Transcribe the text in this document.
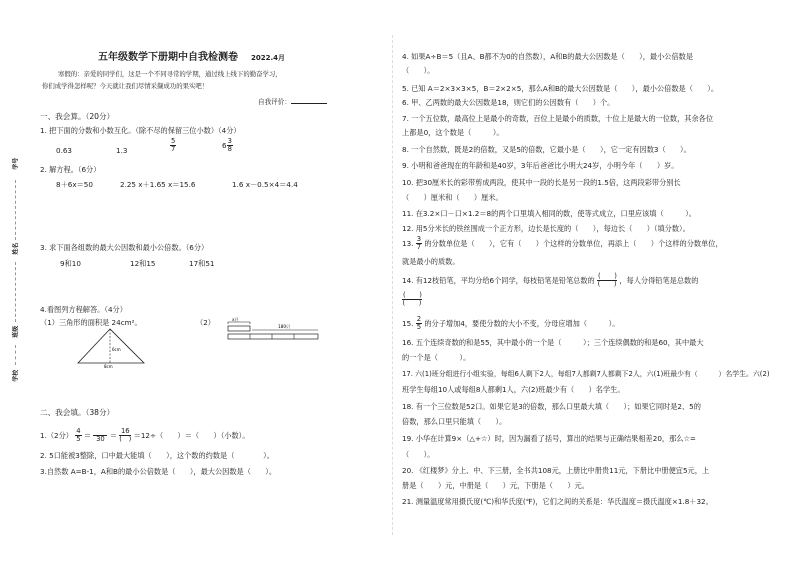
学号
姓名
班级
学校
五年级数学下册期中自我检测卷 2022.4月
寒假的：亲爱的同学们，这是一个不同寻常的学期，通过线上线下的勤奋学习，
你们成学得怎样呢？今天就让我们尽情采撷成功的果实吧！
自我评价：
一、我会算。（20分）
1. 把下面的分数和小数互化。（除不尽的保留三位小数）（4分）
0.63	1.3	$\frac{5}{7}$	$6 \frac{3}{8}$
2. 解方程。（6分）
8＋6x＝50	2.25 x＋1.65 x＝15.6	1.6 x－0.5×4＝4.4
3. 求下面各组数的最大公因数和最小公倍数。（6分）
9和10	12和15	17和51
4.看图列方程解答。（4分）
（1）三角形的面积是 24cm²。	（2）
6cm
8cm
x只
180只
二、我会填。（38分）
1.（2分） $\frac{4}{5}$ ＝
$30 = \frac{16}{( )} =12\div$（　　）＝（　　）（小数）。
2. 5口能被3整除，口中最大能填（　　），这个数的约数是（　　　　）。
3.自然数 A=B-1，A和B的最小公倍数是（　　），最大公因数是（　　）。
4. 如果A÷B＝5（且A、B都不为0的自然数），A和B的最大公因数是（　　），最小公倍数是
（　　）。
5. 已知 A＝2×3×3×5，B＝2×2×5，那么A和B的最大公因数是（　　），最小公倍数是（　　）。
6. 甲、乙两数的最大公因数是18，则它们的公因数有（　　）个。
7. 一个五位数，最高位上是最小的奇数，百位上是最小的质数，十位上是最大的一位数，其余各位
上都是0，这个数是（　　　）。
8. 一个自然数，既是2的倍数，又是5的倍数，它最小是（　　），它一定有因数3（　　）。
9. 小明和爸爸现在的年龄和是40岁，3年后爸爸比小明大24岁，小明今年（　　）岁。
10. 把30厘米长的彩带剪成两段，使其中一段的长是另一段的1.5倍，这两段彩带分别长
（　　）厘米和（　　）厘米。
11. 在3.2×口－口×1.2＝8的两个口里填入相同的数，使等式成立，口里应该填（　　　）。
12. 用5分米长的铁丝围成一个正方形，边长是长度的（　　），每边长（　　）（填分数）。
13. $\frac{3}{7}$ 的分数单位是（　　），它有（　　）个这样的分数单位，再添上（　　）个这样的分数单位，
就是最小的质数。
14. 有12枝铅笔，平均分给6个同学，每枝铅笔是铅笔总数的 $\frac{( )}{( )}$ ，每人分得铅笔是总数的
$\frac{( )}{( )}$
15. $\frac{2}{5}$ 的分子增加4，要使分数的大小不变，分母应增加（　　　）。
16. 五个连续奇数的和是55，其中最小的一个是（　　　）；三个连续偶数的和是60，其中最大
的一个是（　　　）。
17. 六(1)班分组进行小组实验，每组6人剩下2人，每组7人都剩7人都剩下2人，六(1)班最少有（　　　）名学生。六(2)
班学生每组10人或每组8人都剩1人，六(2)班最少有（　　）名学生。
18. 有一个三位数是52口。如果它是3的倍数，那么口里最大填（　　）；如果它同时是2、5的
倍数，那么口里只能填（　　）。
19. 小华在计算9×（△+☆）时，因为漏看了括号，算出的结果与正确结果相差20，那么☆=
（　　）。
20. 《红楼梦》分上、中、下三册，全书共108元，上册比中册贵11元，下册比中册便宜5元，上
册是（　　）元，中册是（　　）元，下册是（　　）元。
21. 测量温度常用摄氏度(℃)和华氏度(℉)，它们之间的关系是：华氏温度＝摄氏温度×1.8＋32。
